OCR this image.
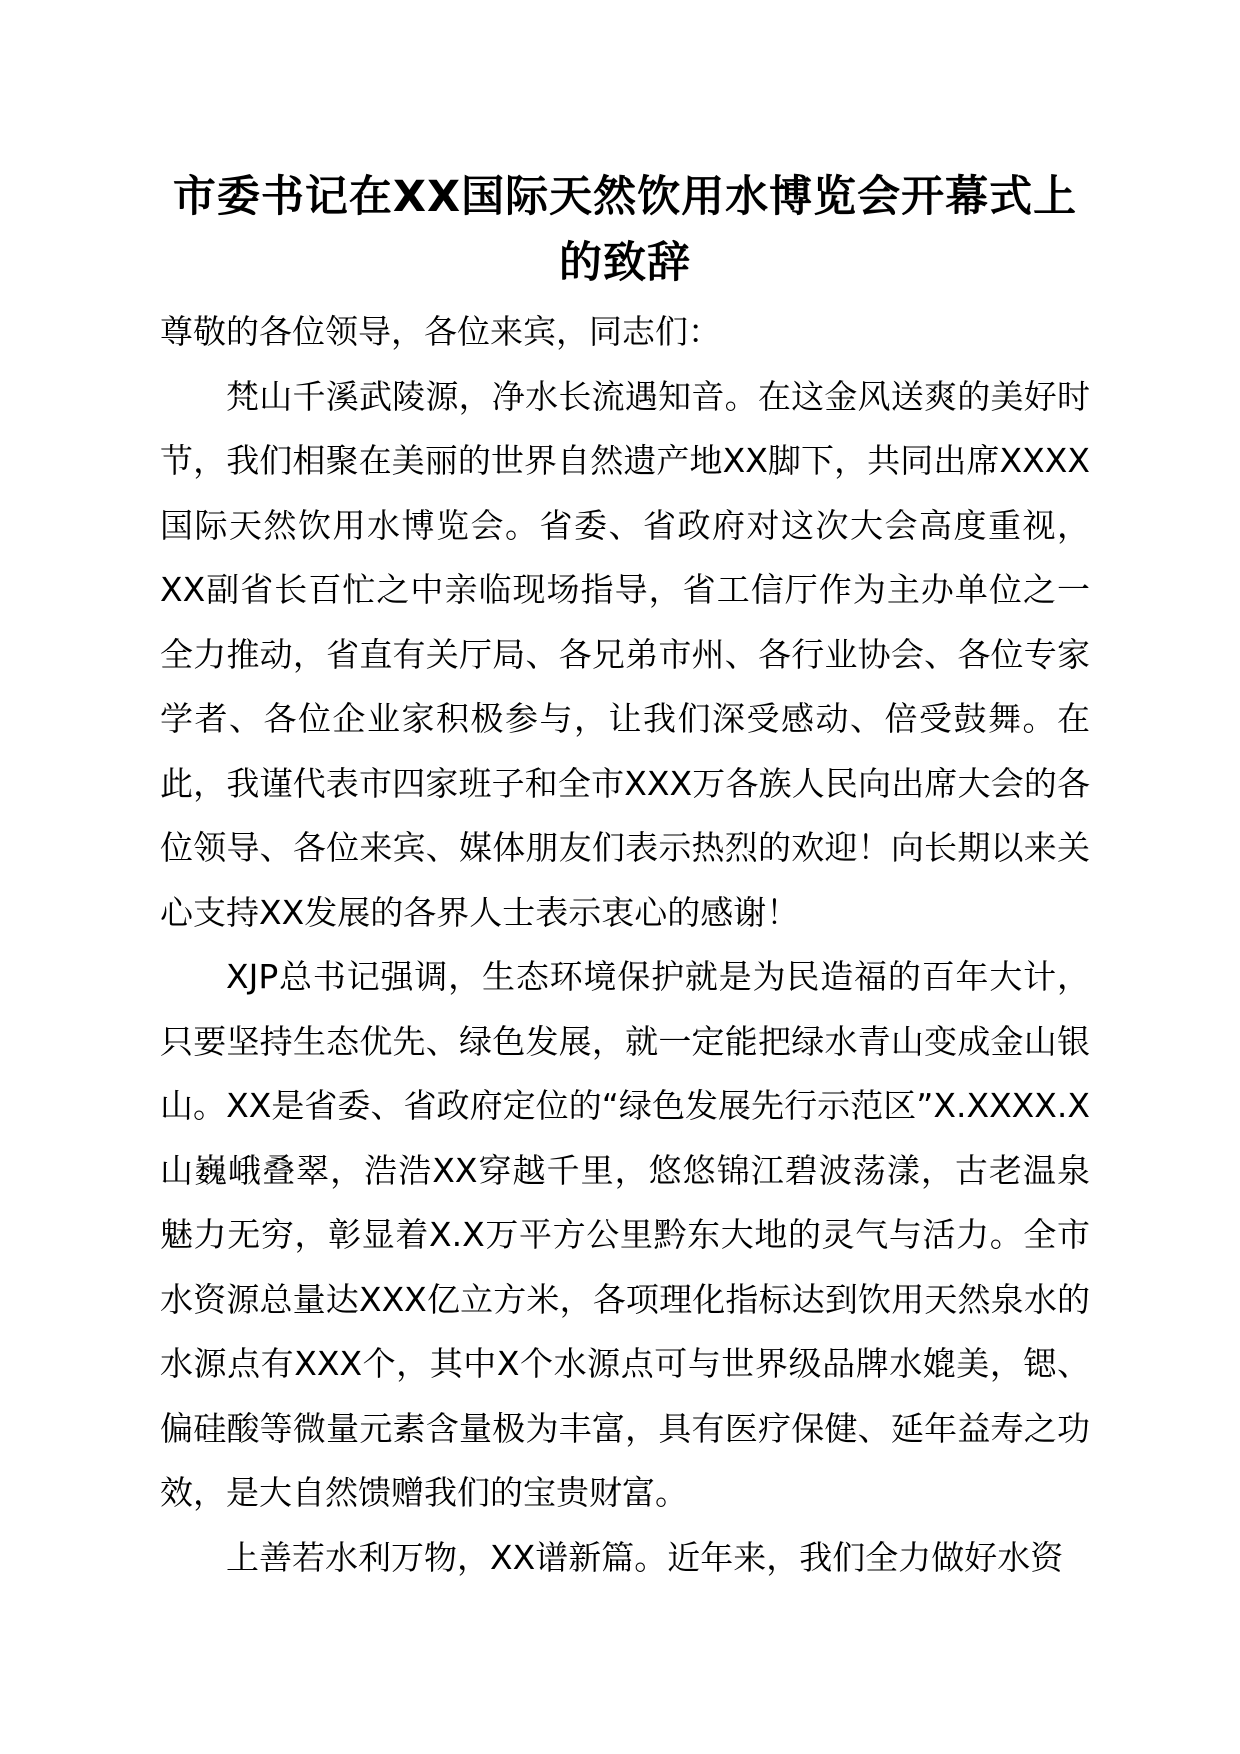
市委书记在XX国际天然饮用水博览会开幕式上的致辞

尊敬的各位领导，各位来宾，同志们：

梵山千溪武陵源，净水长流遇知音。在这金风送爽的美好时节，我们相聚在美丽的世界自然遗产地XX脚下，共同出席XXXX国际天然饮用水博览会。省委、省政府对这次大会高度重视，XX副省长百忙之中亲临现场指导，省工信厅作为主办单位之一全力推动，省直有关厅局、各兄弟市州、各行业协会、各位专家学者、各位企业家积极参与，让我们深受感动、倍受鼓舞。在此，我谨代表市四家班子和全市XXX万各族人民向出席大会的各位领导、各位来宾、媒体朋友们表示热烈的欢迎！向长期以来关心支持XX发展的各界人士表示衷心的感谢！

XJP总书记强调，生态环境保护就是为民造福的百年大计，只要坚持生态优先、绿色发展，就一定能把绿水青山变成金山银山。XX是省委、省政府定位的“绿色发展先行示范区”X.XXXX.X山巍峨叠翠，浩浩XX穿越千里，悠悠锦江碧波荡漾，古老温泉魅力无穷，彰显着X.X万平方公里黔东大地的灵气与活力。全市水资源总量达XXX亿立方米，各项理化指标达到饮用天然泉水的水源点有XXX个，其中X个水源点可与世界级品牌水媲美，锶、偏硅酸等微量元素含量极为丰富，具有医疗保健、延年益寿之功效，是大自然馈赠我们的宝贵财富。

上善若水利万物，XX谱新篇。近年来，我们全力做好水资
